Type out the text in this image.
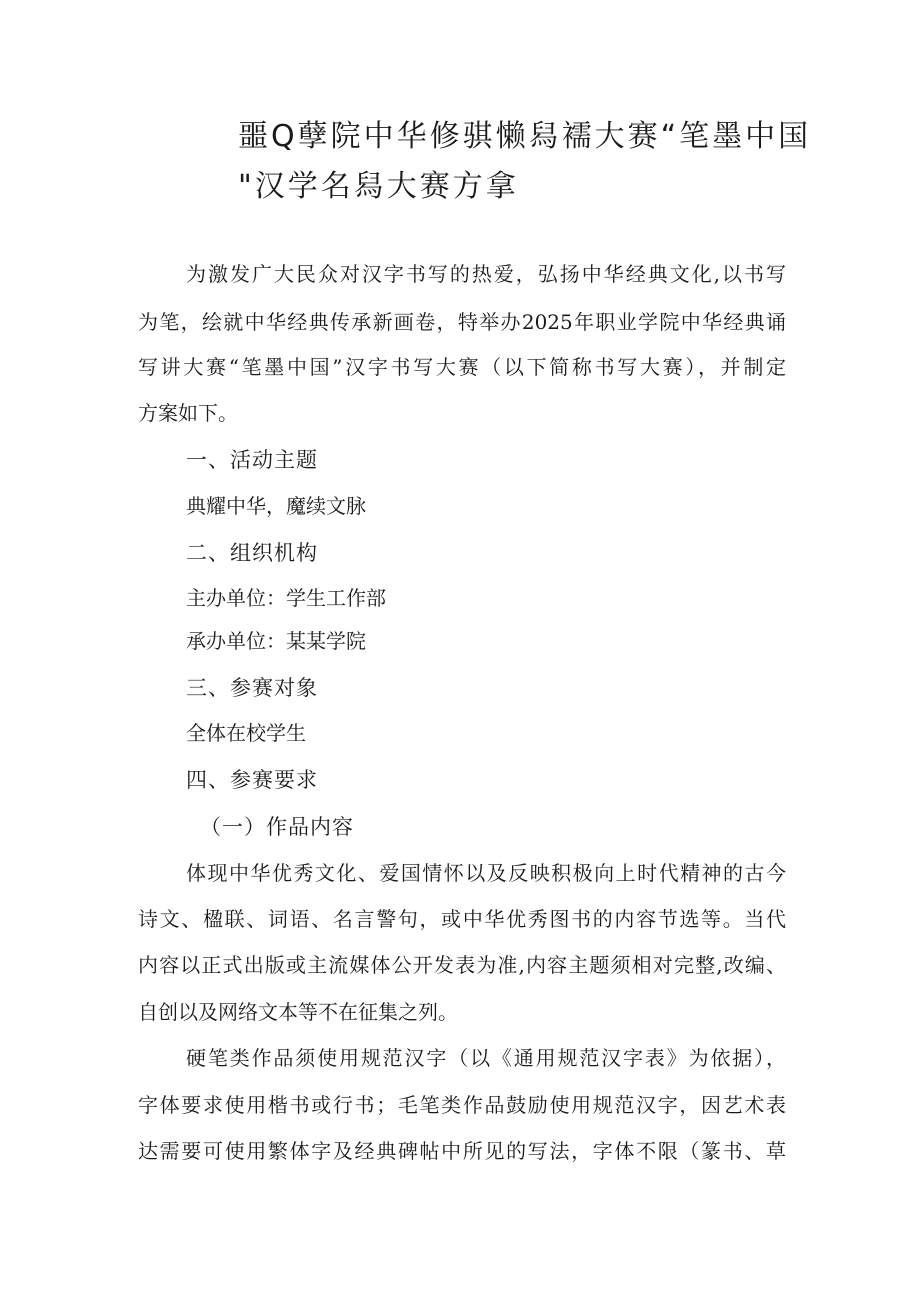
噩Q孽院中华修骐懒舄襦大赛“笔墨中国
"汉学名舄大赛方拿

为激发广大民众对汉字书写的热爱，弘扬中华经典文化,以书写

为笔，绘就中华经典传承新画卷，特举办2025年职业学院中华经典诵

写讲大赛“笔墨中国”汉字书写大赛（以下简称书写大赛），并制定

方案如下。

一、活动主题

典耀中华，魔续文脉

二、组织机构

主办单位：学生工作部

承办单位：某某学院

三、参赛对象

全体在校学生

四、参赛要求

（一）作品内容

体现中华优秀文化、爱国情怀以及反映积极向上时代精神的古今

诗文、楹联、词语、名言警句，或中华优秀图书的内容节选等。当代

内容以正式出版或主流媒体公开发表为准,内容主题须相对完整,改编、

自创以及网络文本等不在征集之列。

硬笔类作品须使用规范汉字（以《通用规范汉字表》为依据），

字体要求使用楷书或行书；毛笔类作品鼓励使用规范汉字，因艺术表

达需要可使用繁体字及经典碑帖中所见的写法，字体不限（篆书、草
